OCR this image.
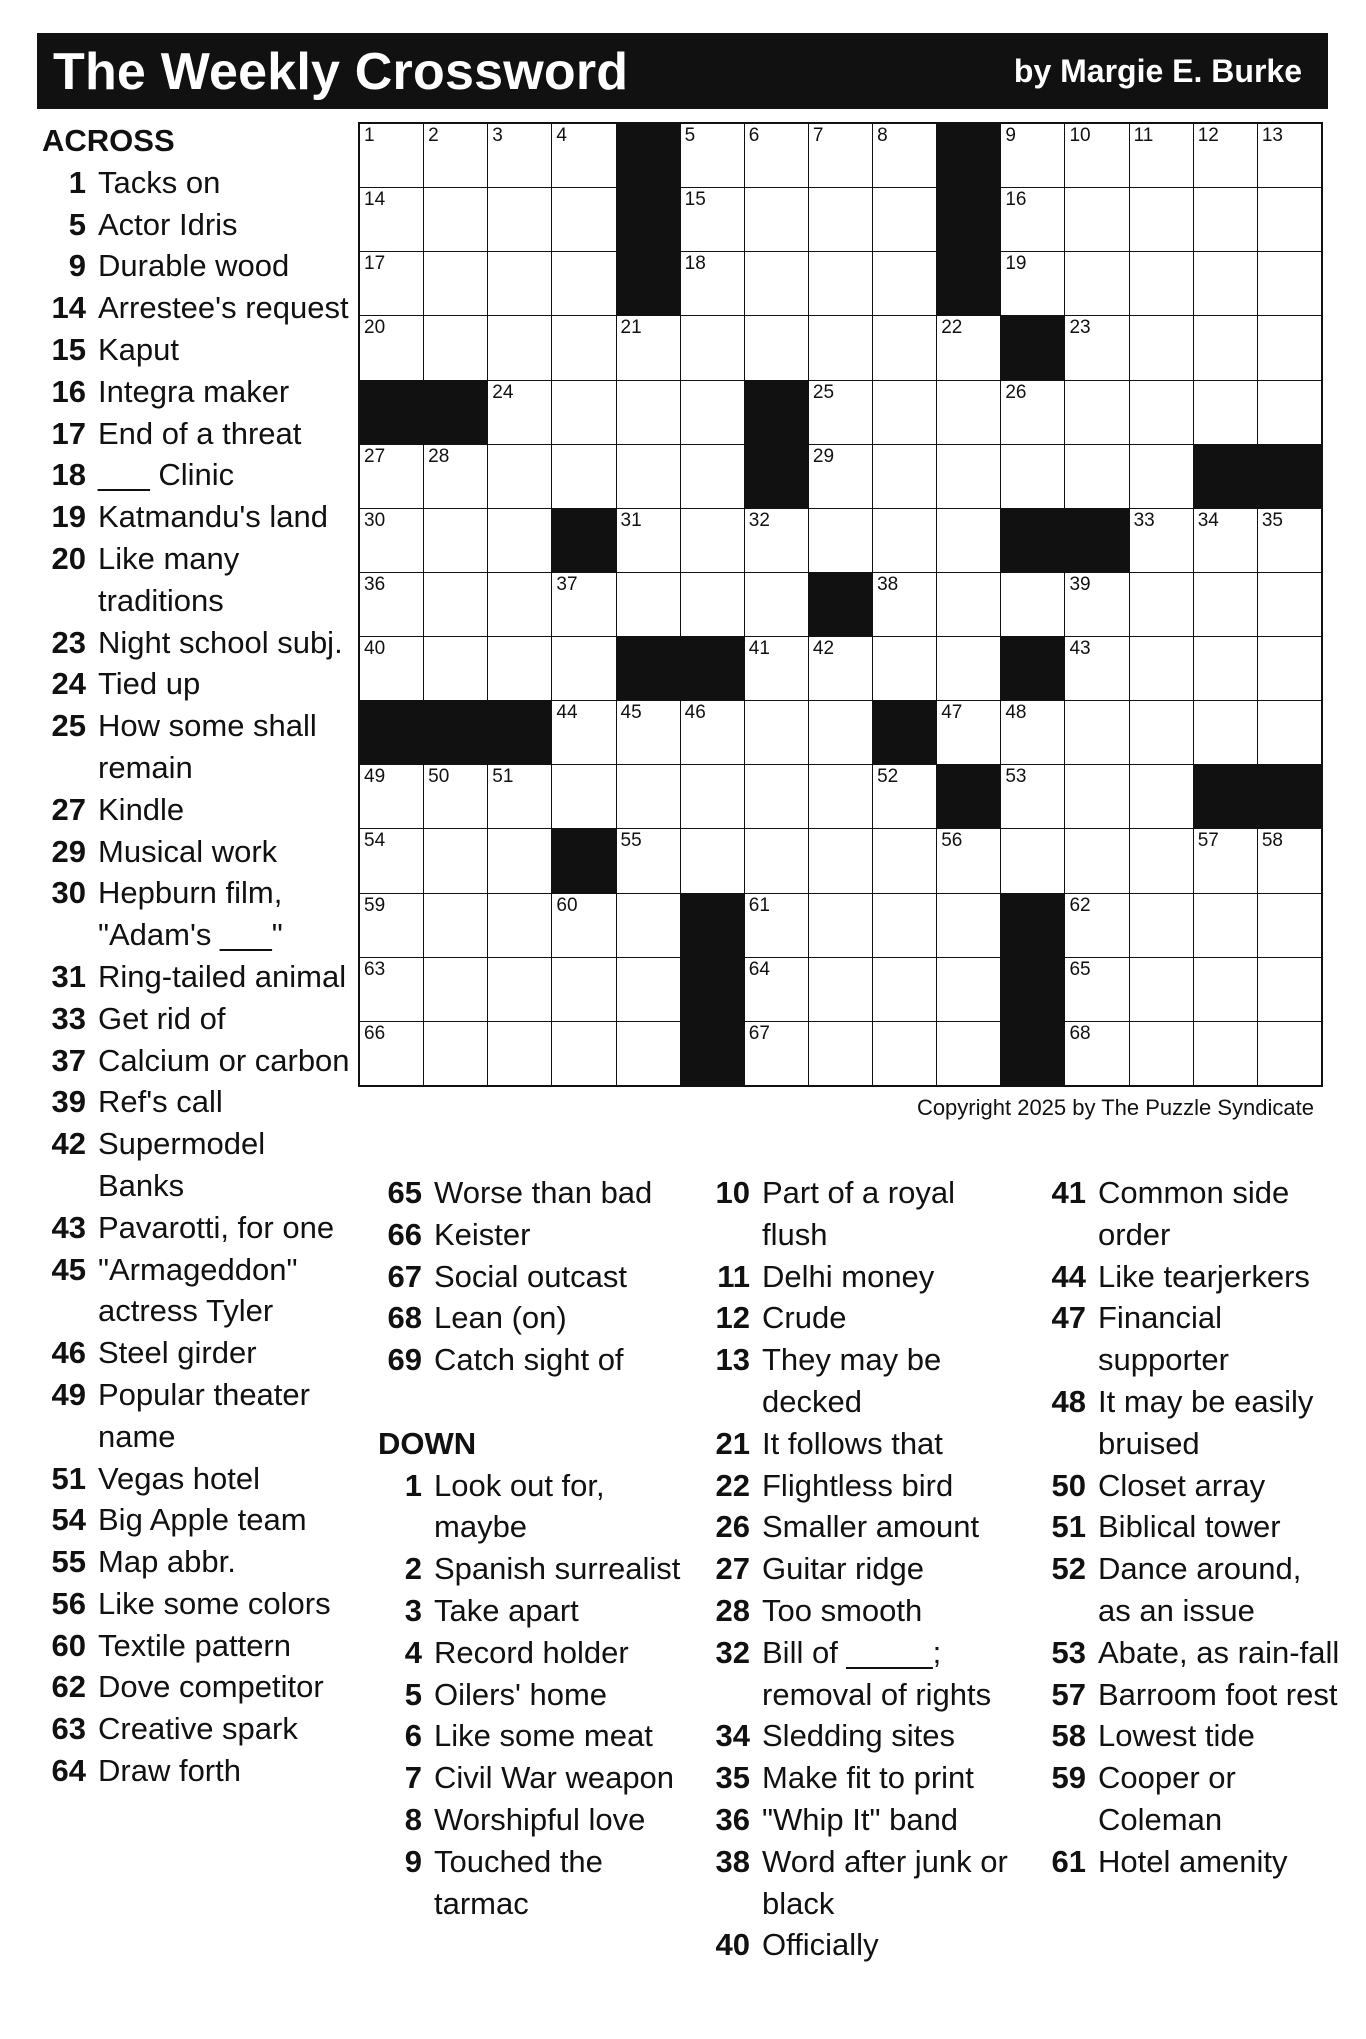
The Weekly Crossword	by Margie E. Burke
1	2	3	4	5	6	7	8	9	10 11 12 13
14	15	16
17	18	19
20	21	22	23
24	25	26
27 28	29
30	31	32	33 34 35
36	37	38	39
40	41 42	43
44 45 46	47 48
49 50 51	52	53
54	55	56	57 58
59	60	61	62
63	64	65
66	67	68
Copyright 2025 by The Puzzle Syndicate
ACROSS
1 Tacks on
5 Actor Idris
9 Durable wood
14 Arrestee's request
15 Kaput
16 Integra maker
17 End of a threat
18 ___ Clinic
19 Katmandu's land
20 Like many traditions
23 Night school subj.
24 Tied up
25 How some shall remain
27 Kindle
29 Musical work
30 Hepburn film, "Adam's ___"
31 Ring-tailed animal
33 Get rid of
37 Calcium or carbon
39 Ref's call
42 Supermodel Banks
43 Pavarotti, for one
45 "Armageddon" actress Tyler
46 Steel girder
49 Popular theater name
51 Vegas hotel
54 Big Apple team
55 Map abbr.
56 Like some colors
60 Textile pattern
62 Dove competitor
63 Creative spark
64 Draw forth
65 Worse than bad
66 Keister
67 Social outcast
68 Lean (on)
69 Catch sight of
DOWN
1 Look out for, maybe
2 Spanish surrealist
3 Take apart
4 Record holder
5 Oilers' home
6 Like some meat
7 Civil War weapon
8 Worshipful love
9 Touched the tarmac
10 Part of a royal flush
11 Delhi money
12 Crude
13 They may be decked
21 It follows that
22 Flightless bird
26 Smaller amount
27 Guitar ridge
28 Too smooth
32 Bill of _____; removal of rights
34 Sledding sites
35 Make fit to print
36 "Whip It" band
38 Word after junk or black
40 Officially
41 Common side order
44 Like tearjerkers
47 Financial supporter
48 It may be easily bruised
50 Closet array
51 Biblical tower
52 Dance around, as an issue
53 Abate, as rain-fall
57 Barroom foot rest
58 Lowest tide
59 Cooper or Coleman
61 Hotel amenity
